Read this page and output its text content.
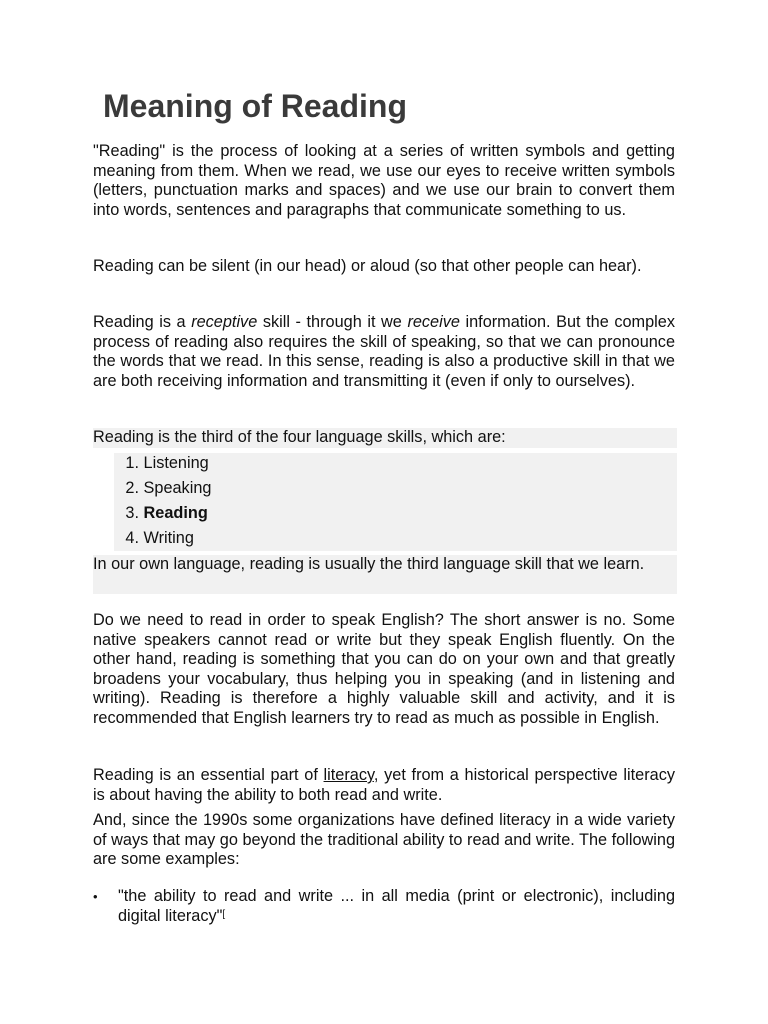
Meaning of Reading

"Reading" is the process of looking at a series of written symbols and getting meaning from them. When we read, we use our eyes to receive written symbols (letters, punctuation marks and spaces) and we use our brain to convert them into words, sentences and paragraphs that communicate something to us.

Reading can be silent (in our head) or aloud (so that other people can hear).

Reading is a receptive skill - through it we receive information. But the complex process of reading also requires the skill of speaking, so that we can pronounce the words that we read. In this sense, reading is also a productive skill in that we are both receiving information and transmitting it (even if only to ourselves).

Reading is the third of the four language skills, which are:

1. Listening
2. Speaking
3. Reading
4. Writing

In our own language, reading is usually the third language skill that we learn.

Do we need to read in order to speak English? The short answer is no. Some native speakers cannot read or write but they speak English fluently. On the other hand, reading is something that you can do on your own and that greatly broadens your vocabulary, thus helping you in speaking (and in listening and writing). Reading is therefore a highly valuable skill and activity, and it is recommended that English learners try to read as much as possible in English.

Reading is an essential part of literacy, yet from a historical perspective literacy is about having the ability to both read and write.

And, since the 1990s some organizations have defined literacy in a wide variety of ways that may go beyond the traditional ability to read and write. The following are some examples:

• "the ability to read and write ... in all media (print or electronic), including digital literacy"[
